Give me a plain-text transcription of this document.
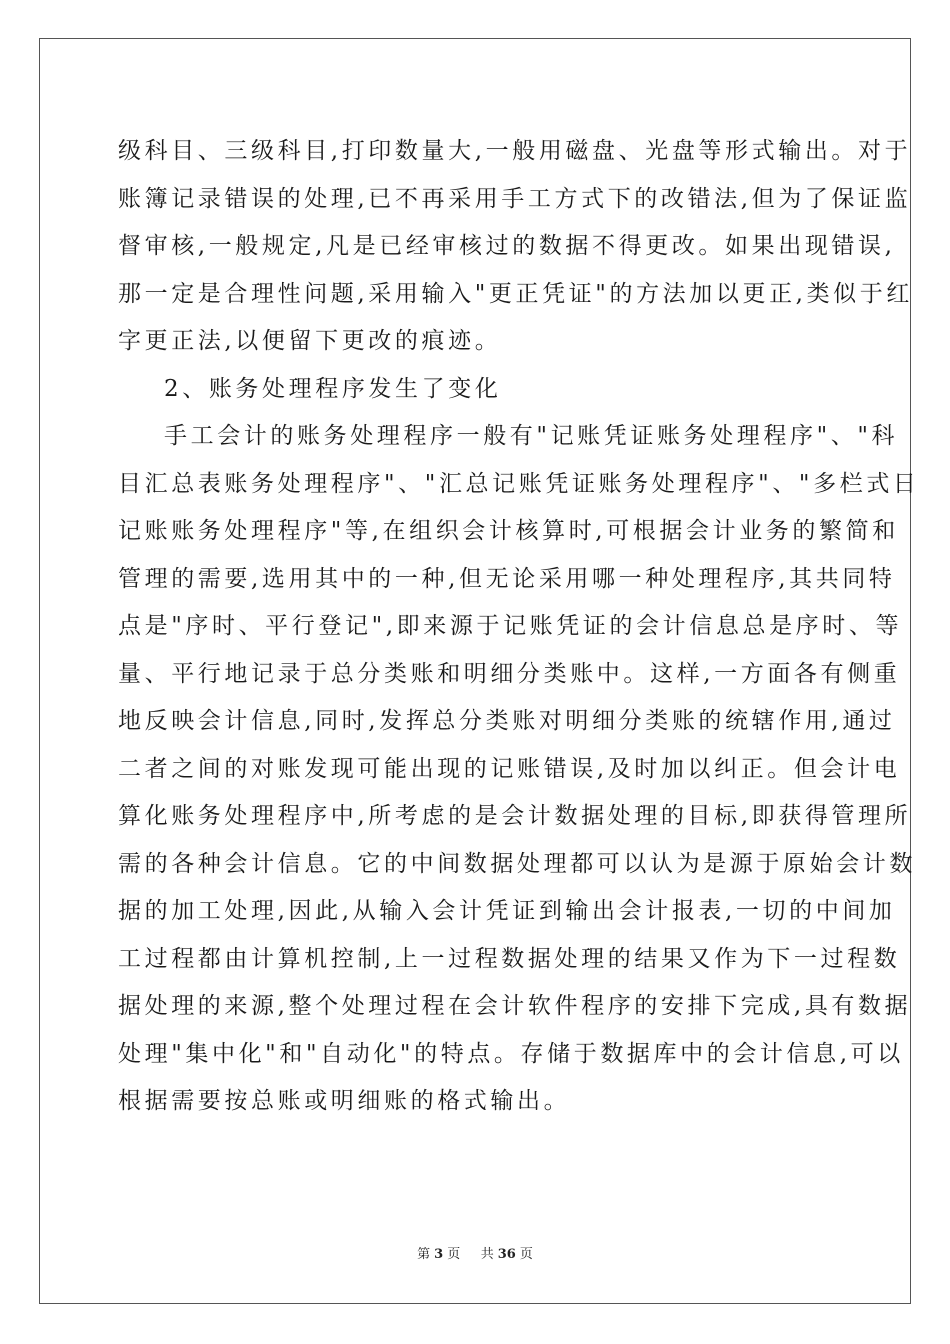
级科目、三级科目,打印数量大,一般用磁盘、光盘等形式输出。对于
账簿记录错误的处理,已不再采用手工方式下的改错法,但为了保证监
督审核,一般规定,凡是已经审核过的数据不得更改。如果出现错误,
那一定是合理性问题,采用输入"更正凭证"的方法加以更正,类似于红
字更正法,以便留下更改的痕迹。
2、账务处理程序发生了变化
手工会计的账务处理程序一般有"记账凭证账务处理程序"、"科
目汇总表账务处理程序"、"汇总记账凭证账务处理程序"、"多栏式日
记账账务处理程序"等,在组织会计核算时,可根据会计业务的繁简和
管理的需要,选用其中的一种,但无论采用哪一种处理程序,其共同特
点是"序时、平行登记",即来源于记账凭证的会计信息总是序时、等
量、平行地记录于总分类账和明细分类账中。这样,一方面各有侧重
地反映会计信息,同时,发挥总分类账对明细分类账的统辖作用,通过
二者之间的对账发现可能出现的记账错误,及时加以纠正。但会计电
算化账务处理程序中,所考虑的是会计数据处理的目标,即获得管理所
需的各种会计信息。它的中间数据处理都可以认为是源于原始会计数
据的加工处理,因此,从输入会计凭证到输出会计报表,一切的中间加
工过程都由计算机控制,上一过程数据处理的结果又作为下一过程数
据处理的来源,整个处理过程在会计软件程序的安排下完成,具有数据
处理"集中化"和"自动化"的特点。存储于数据库中的会计信息,可以
根据需要按总账或明细账的格式输出。
第 3 页 共 36 页
